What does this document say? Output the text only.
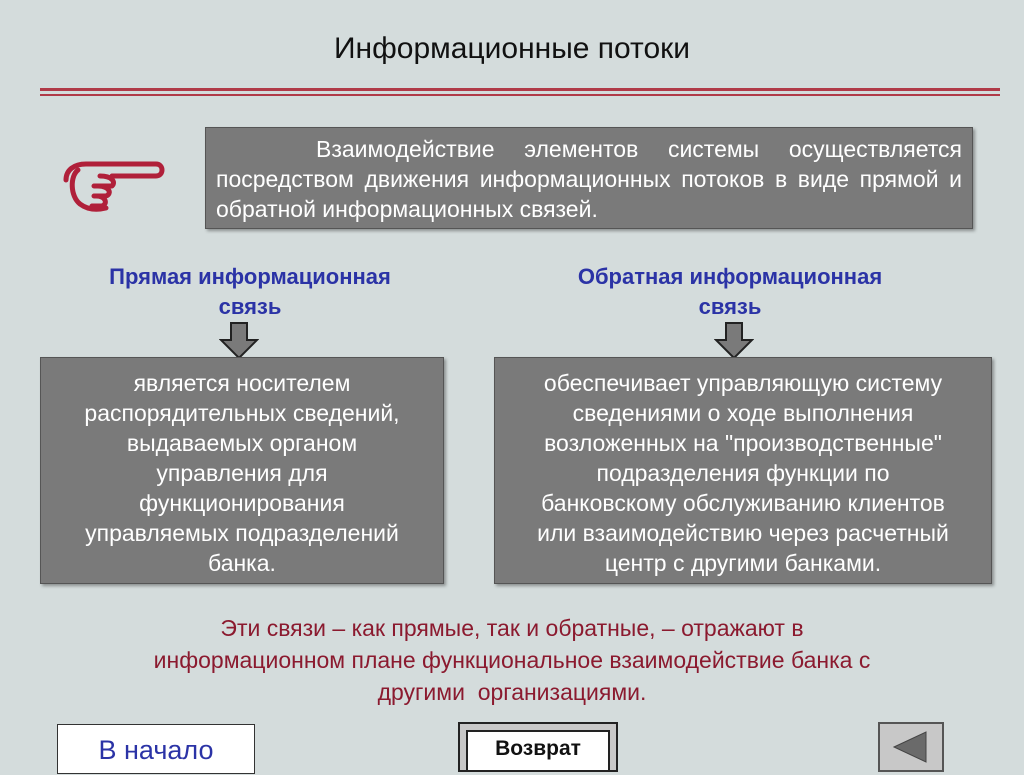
Информационные потоки
Взаимодействие элементов системы осуществляется посредством движения информационных потоков в виде прямой и обратной информационных связей.
Прямая информационная
связь
Обратная информационная
связь
является носителем
распорядительных сведений,
выдаваемых органом
управления для
функционирования
управляемых подразделений
банка.
обеспечивает управляющую систему
сведениями о ходе выполнения
возложенных на "производственные"
подразделения функции по
банковскому обслуживанию клиентов
или взаимодействию через расчетный
центр с другими банками.
Эти связи – как прямые, так и обратные, – отражают в
информационном плане функциональное взаимодействие банка с
другими  организациями.
В начало	Возврат
